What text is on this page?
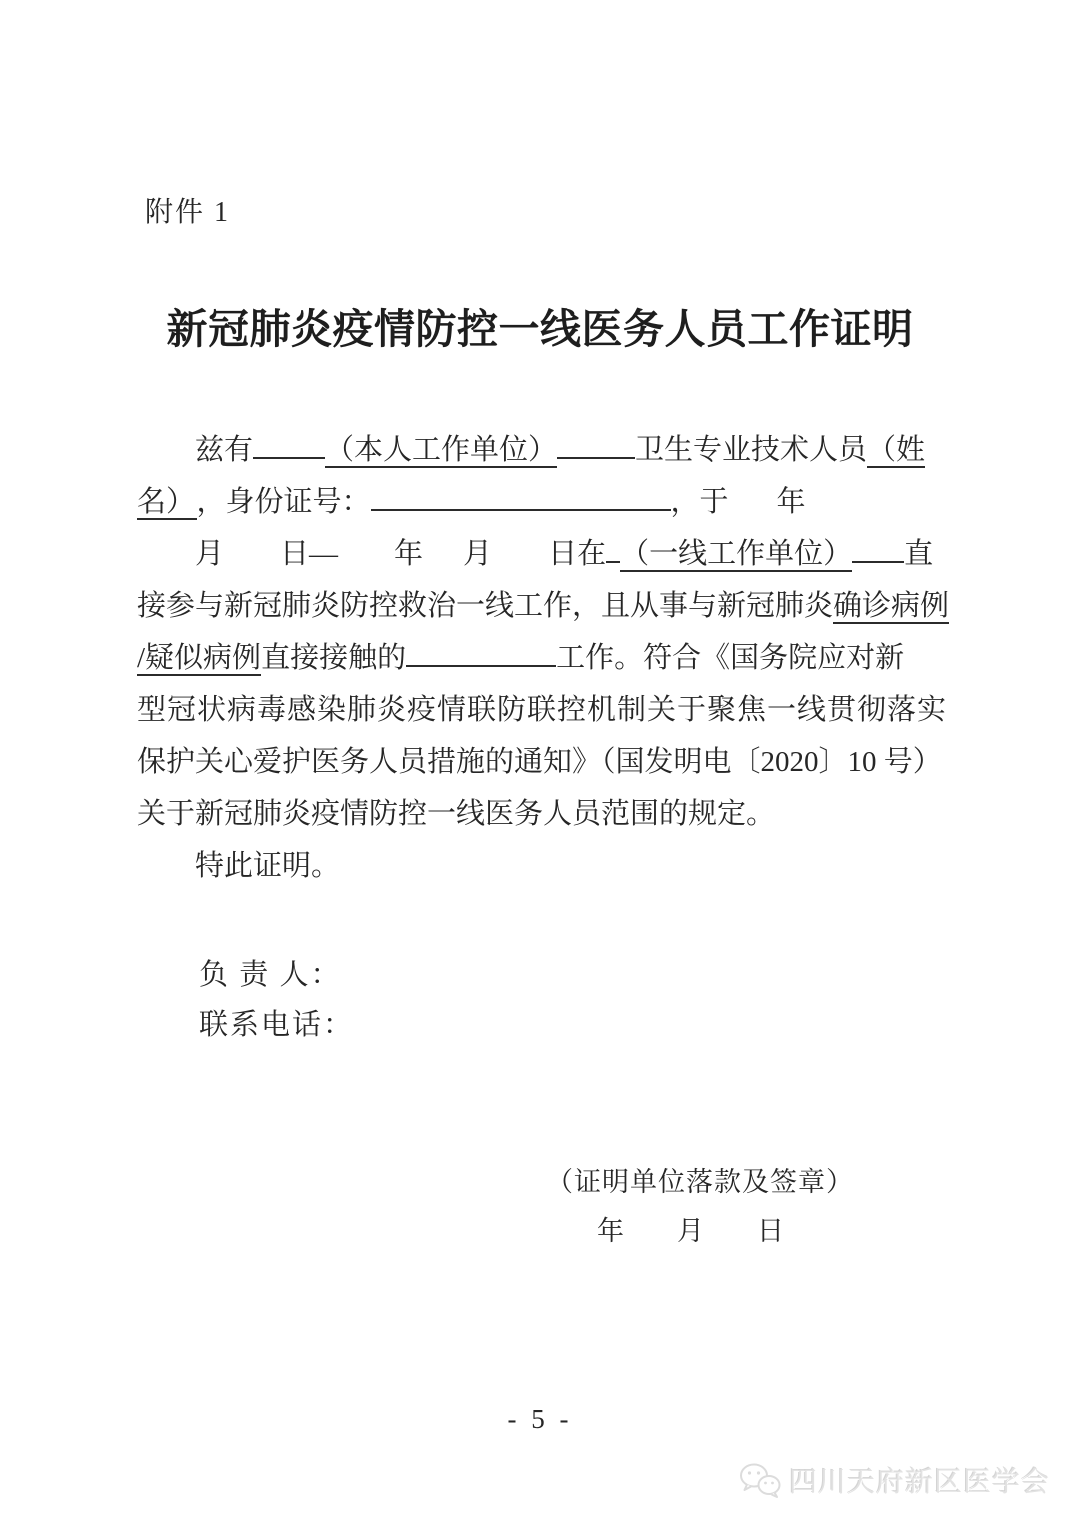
附件 1
新冠肺炎疫情防控一线医务人员工作证明
兹有 （本人工作单位）	卫生专业技术人员（姓
名） ，身份证号：	，于 年
月 日— 年 月 日在 （一线工作单位） 直
接参与新冠肺炎防控救治一线工作，且从事与新冠肺炎确诊病例
/疑似病例直接接触的	工作。符合《国务院应对新
型冠状病毒感染肺炎疫情联防联控机制关于聚焦一线贯彻落实
保护关心爱护医务人员措施的通知》（国发明电〔2020〕10 号）
关于新冠肺炎疫情防控一线医务人员范围的规定。
特此证明。
负 责 人：
联系电话：
（证明单位落款及签章）
年 月 日
- 5 -
四川天府新区医学会
